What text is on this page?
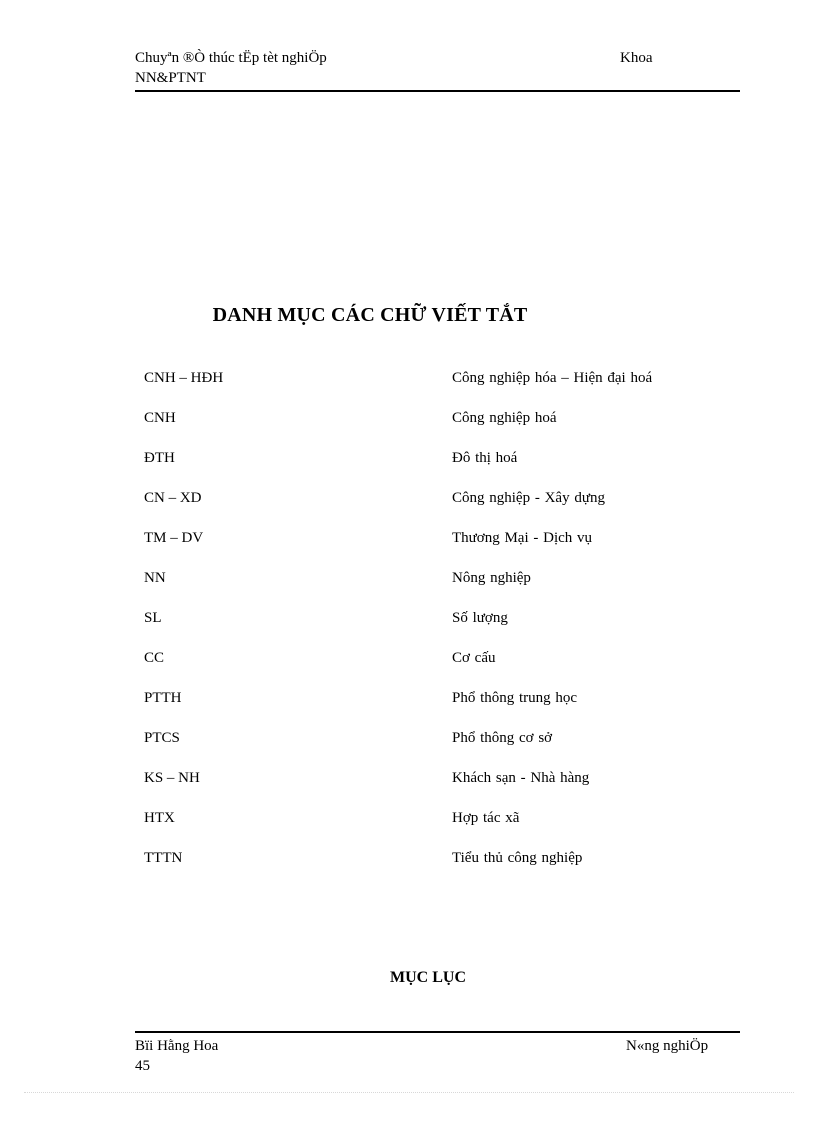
Chuyªn ®Ò thúc tËp tèt nghiÖp	Khoa
NN&PTNT
DANH MỤC CÁC CHỮ VIẾT TẮT
CNH – HĐH	Công nghiệp hóa – Hiện đại hoá
CNH	Công nghiệp hoá
ĐTH	Đô thị hoá
CN – XD	Công nghiệp - Xây dựng
TM – DV	Thương Mại - Dịch vụ
NN	Nông nghiệp
SL	Số lượng
CC	Cơ cấu
PTTH	Phổ thông trung học
PTCS	Phổ thông cơ sở
KS – NH	Khách sạn - Nhà hàng
HTX	Hợp tác xã
TTTN	Tiểu thủ công nghiệp
MỤC LỤC
Bïi Hằng Hoa	N«ng nghiÖp
45
